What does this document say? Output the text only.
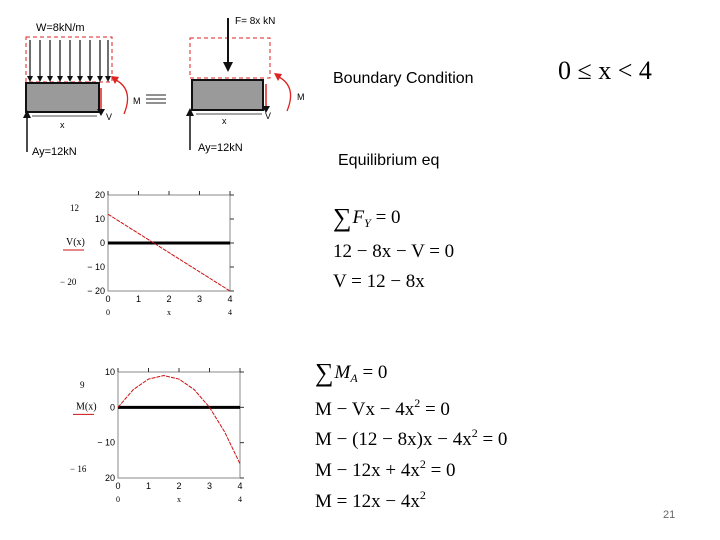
W=8kN/m
M
V
x
Ay=12kN
F= 8x kN
M
V
x
Ay=12kN
Boundary Condition	0 ≤ x < 4
Equilibrium eq
$\sum F_Y = 0$
12 − 8x − V = 0
V = 12 − 8x
$\sum M_A = 0$
$M - Vx - 4x^2 = 0$
$M - (12 - 8x)x - 4x^2 = 0$
$M - 12x + 4x^2 = 0$
$M = 12x - 4x^2$
20
10
0
− 10
− 20
0	1	2	3	4
0	4
x
12
V(x)
− 20
10
0
− 10
20
0	1	2	3	4
0	4
x
9
M(x)
− 16
21
